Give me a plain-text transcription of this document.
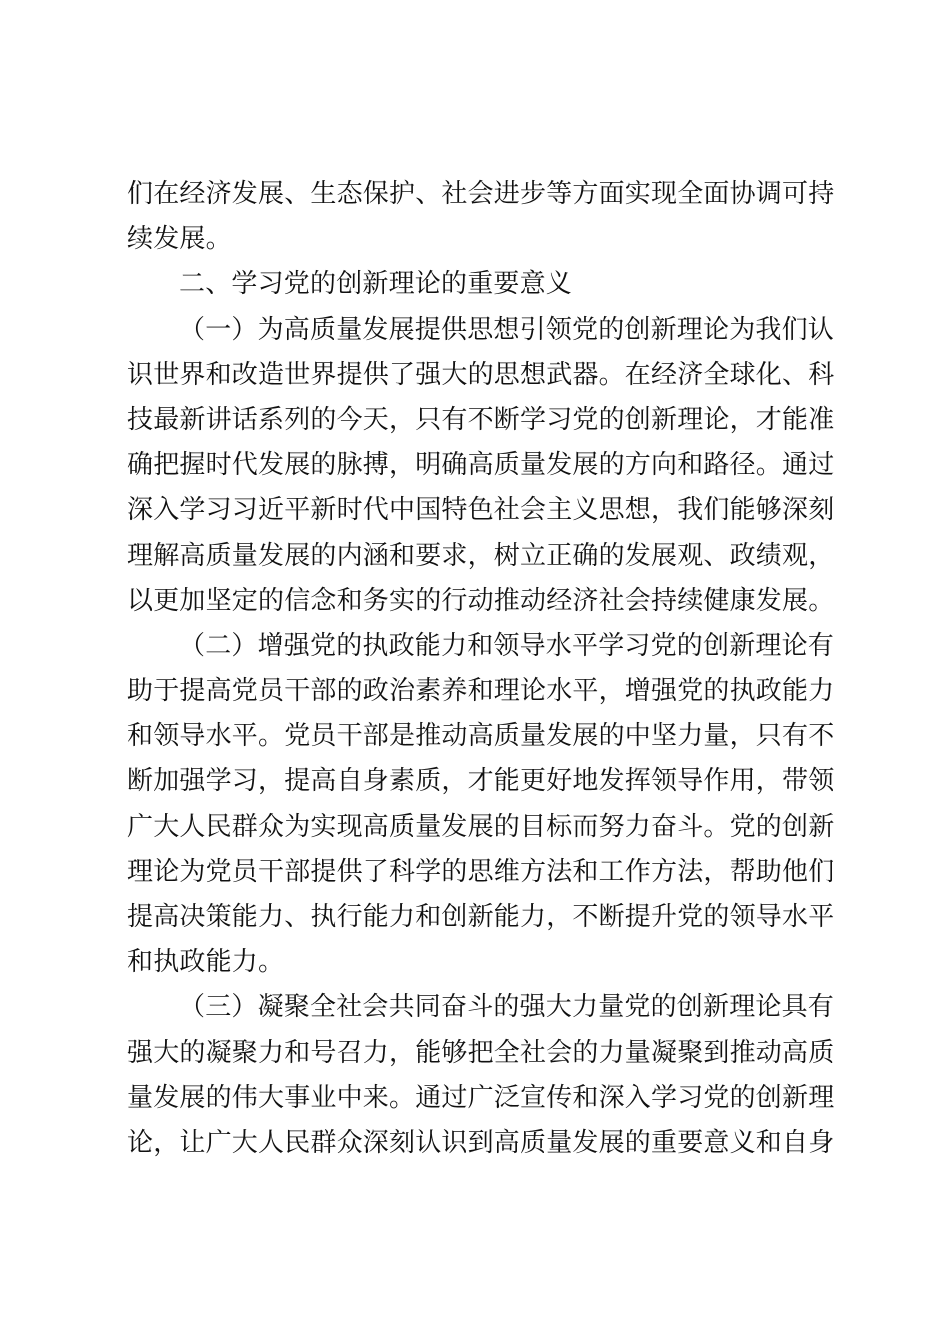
们在经济发展、生态保护、社会进步等方面实现全面协调可持
续发展。
二、学习党的创新理论的重要意义
（一）为高质量发展提供思想引领党的创新理论为我们认
识世界和改造世界提供了强大的思想武器。在经济全球化、科
技最新讲话系列的今天，只有不断学习党的创新理论，才能准
确把握时代发展的脉搏，明确高质量发展的方向和路径。通过
深入学习习近平新时代中国特色社会主义思想，我们能够深刻
理解高质量发展的内涵和要求，树立正确的发展观、政绩观，
以更加坚定的信念和务实的行动推动经济社会持续健康发展。
（二）增强党的执政能力和领导水平学习党的创新理论有
助于提高党员干部的政治素养和理论水平，增强党的执政能力
和领导水平。党员干部是推动高质量发展的中坚力量，只有不
断加强学习，提高自身素质，才能更好地发挥领导作用，带领
广大人民群众为实现高质量发展的目标而努力奋斗。党的创新
理论为党员干部提供了科学的思维方法和工作方法，帮助他们
提高决策能力、执行能力和创新能力，不断提升党的领导水平
和执政能力。
（三）凝聚全社会共同奋斗的强大力量党的创新理论具有
强大的凝聚力和号召力，能够把全社会的力量凝聚到推动高质
量发展的伟大事业中来。通过广泛宣传和深入学习党的创新理
论，让广大人民群众深刻认识到高质量发展的重要意义和自身
